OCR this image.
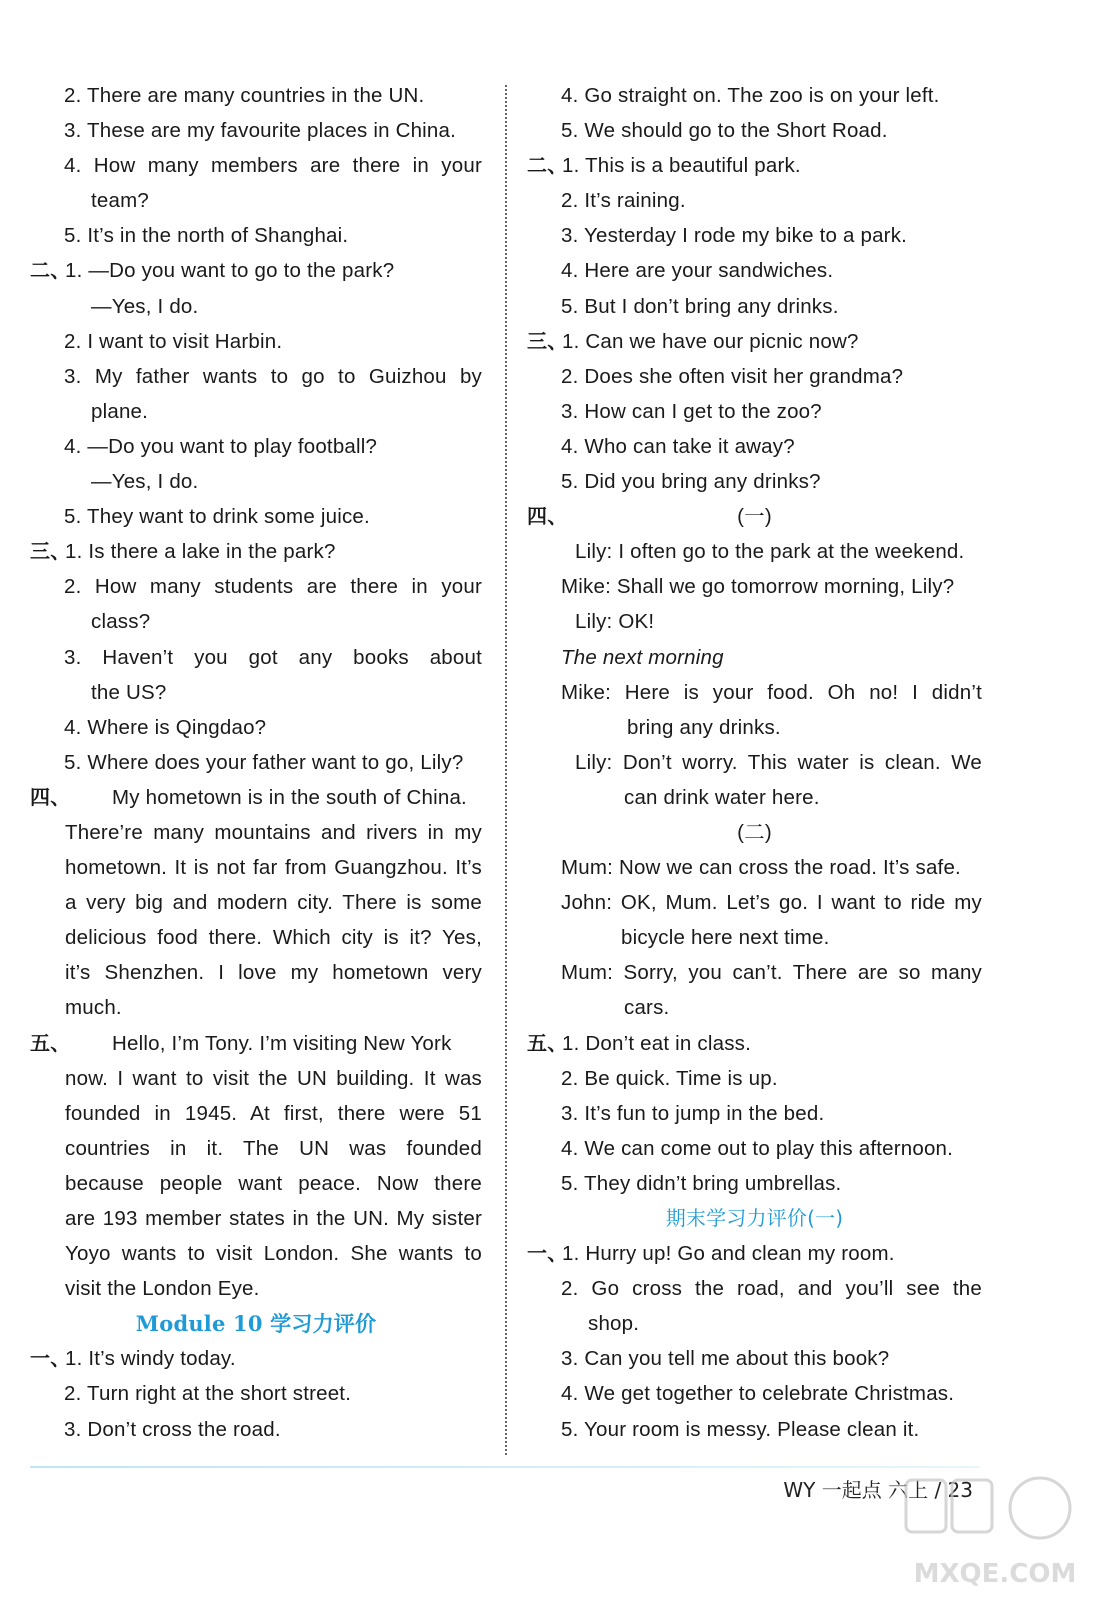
2. There are many countries in the UN.
3. These are my favourite places in China.
4. How many members are there in your
team?
5. It’s in the north of Shanghai.
二、
1. —Do you want to go to the park?
—Yes, I do.
2. I want to visit Harbin.
3. My father wants to go to Guizhou by
plane.
4. —Do you want to play football?
—Yes, I do.
5. They want to drink some juice.
三、
1. Is there a lake in the park?
2. How many students are there in your
class?
3. Haven’t you got any books about
the US?
4. Where is Qingdao?
5. Where does your father want to go, Lily?
四、 My hometown is in the south of China.
There’re many mountains and rivers in my
hometown. It is not far from Guangzhou. It’s
a very big and modern city. There is some
delicious food there. Which city is it? Yes,
it’s Shenzhen. I love my hometown very
much.
五、 Hello, I’m Tony. I’m visiting New York
now. I want to visit the UN building. It was
founded in 1945. At first, there were 51
countries in it. The UN was founded
because people want peace. Now there
are 193 member states in the UN. My sister
Yoyo wants to visit London. She wants to
visit the London Eye.
Module 10 学习力评价
一、
1. It’s windy today.
2. Turn right at the short street.
3. Don’t cross the road.
4. Go straight on. The zoo is on your left.
5. We should go to the Short Road.
二、
1. This is a beautiful park.
2. It’s raining.
3. Yesterday I rode my bike to a park.
4. Here are your sandwiches.
5. But I don’t bring any drinks.
三、
1. Can we have our picnic now?
2. Does she often visit her grandma?
3. How can I get to the zoo?
4. Who can take it away?
5. Did you bring any drinks?
四、	(一)
Lily: I often go to the park at the weekend.
Mike: Shall we go tomorrow morning, Lily?
Lily: OK!
The next morning
Mike: Here is your food. Oh no! I didn’t
bring any drinks.
Lily: Don’t worry. This water is clean. We
can drink water here.
(二)
Mum: Now we can cross the road. It’s safe.
John: OK, Mum. Let’s go. I want to ride my
bicycle here next time.
Mum: Sorry, you can’t. There are so many
cars.
五、
1. Don’t eat in class.
2. Be quick. Time is up.
3. It’s fun to jump in the bed.
4. We can come out to play this afternoon.
5. They didn’t bring umbrellas.
期末学习力评价(一)
一、
1. Hurry up! Go and clean my room.
2. Go cross the road, and you’ll see the
shop.
3. Can you tell me about this book?
4. We get together to celebrate Christmas.
5. Your room is messy. Please clean it.
WY 一起点 六上 / 23
MXQE.COM
